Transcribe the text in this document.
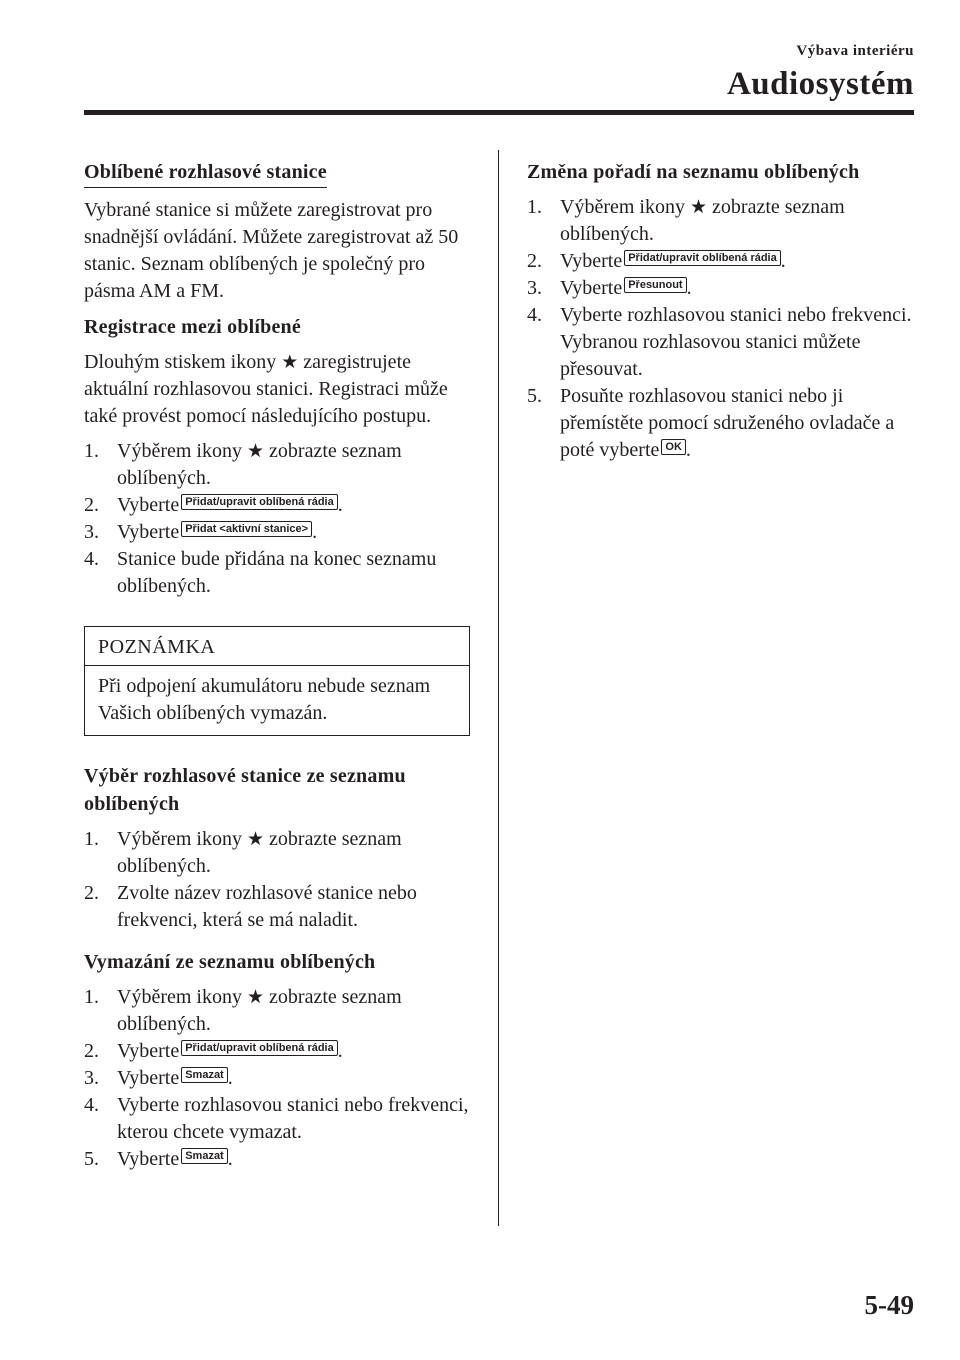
Výbava interiéru
Audiosystém
Oblíbené rozhlasové stanice
Vybrané stanice si můžete zaregistrovat pro snadnější ovládání. Můžete zaregistrovat až 50 stanic. Seznam oblíbených je společný pro pásma AM a FM.
Registrace mezi oblíbené
Dlouhým stiskem ikony ★ zaregistrujete aktuální rozhlasovou stanici. Registraci může také provést pomocí následujícího postupu.
1. Výběrem ikony ★ zobrazte seznam oblíbených.
2. Vyberte Přidat/upravit oblíbená rádia .
3. Vyberte Přidat <aktivní stanice> .
4. Stanice bude přidána na konec seznamu oblíbených.
POZNÁMKA
Při odpojení akumulátoru nebude seznam Vašich oblíbených vymazán.
Výběr rozhlasové stanice ze seznamu oblíbených
1. Výběrem ikony ★ zobrazte seznam oblíbených.
2. Zvolte název rozhlasové stanice nebo frekvenci, která se má naladit.
Vymazání ze seznamu oblíbených
1. Výběrem ikony ★ zobrazte seznam oblíbených.
2. Vyberte Přidat/upravit oblíbená rádia .
3. Vyberte Smazat .
4. Vyberte rozhlasovou stanici nebo frekvenci, kterou chcete vymazat.
5. Vyberte Smazat .
Změna pořadí na seznamu oblíbených
1. Výběrem ikony ★ zobrazte seznam oblíbených.
2. Vyberte Přidat/upravit oblíbená rádia .
3. Vyberte Přesunout .
4. Vyberte rozhlasovou stanici nebo frekvenci. Vybranou rozhlasovou stanici můžete přesouvat.
5. Posuňte rozhlasovou stanici nebo ji přemístěte pomocí sdruženého ovladače a poté vyberte OK .
5-49
